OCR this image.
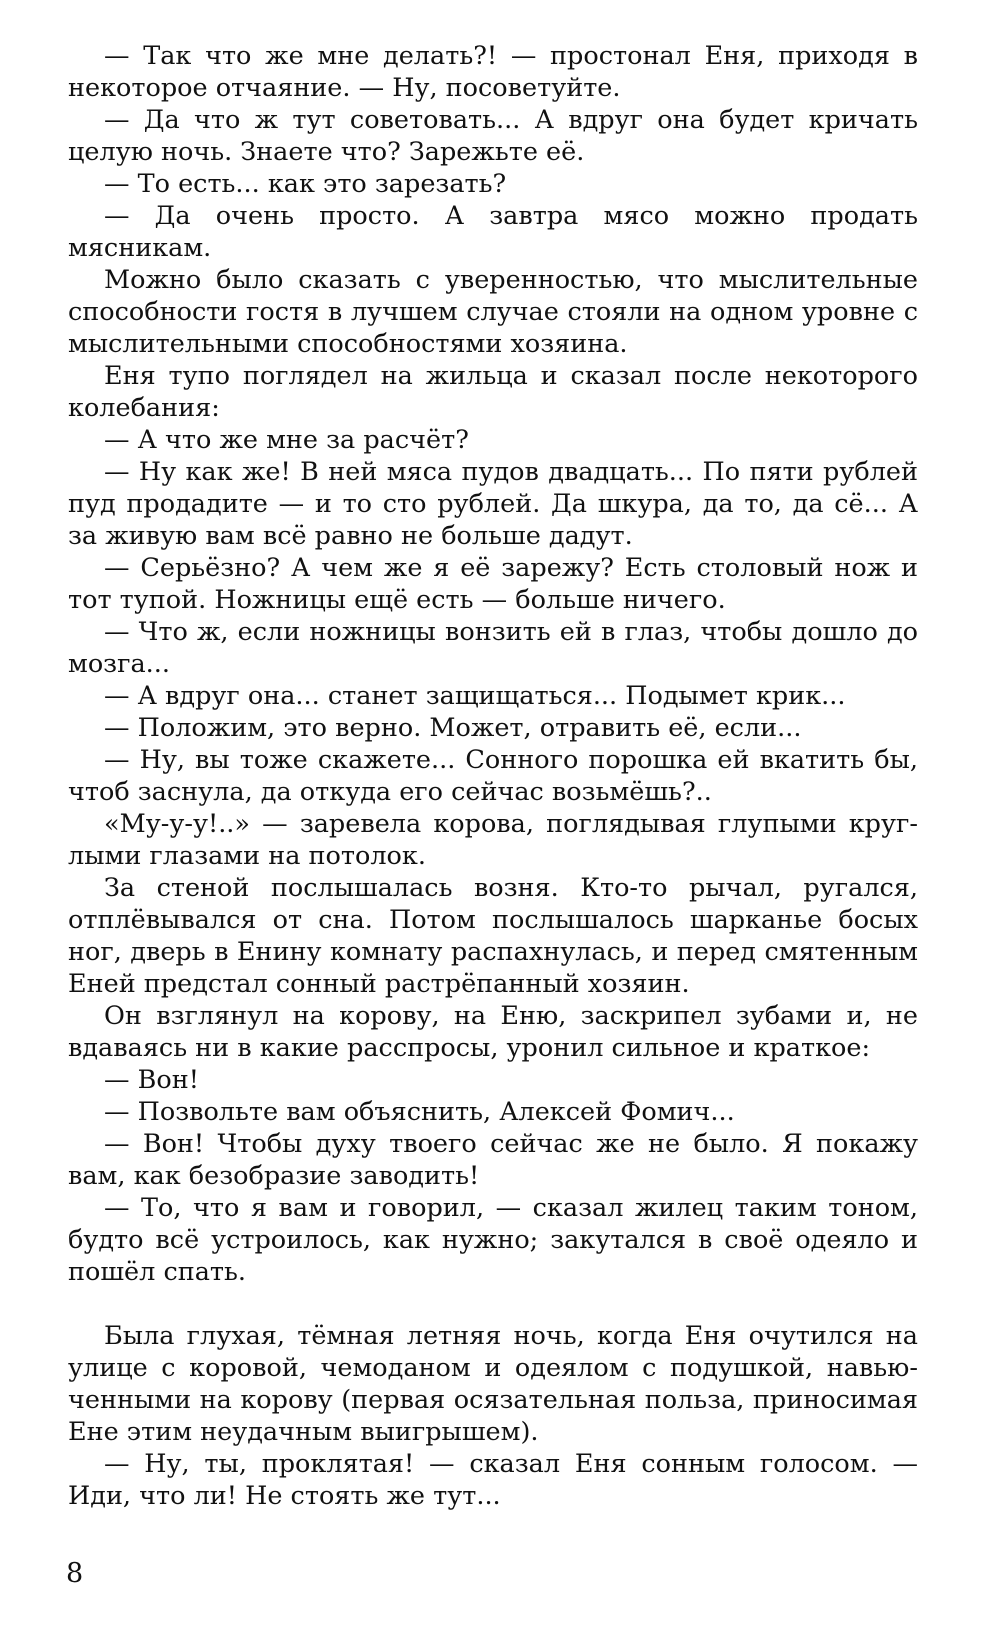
— Так что же мне делать?! — простонал Еня, приходя в некоторое отчаяние. — Ну, посоветуйте.

— Да что ж тут советовать... А вдруг она будет кричать целую ночь. Знаете что? Зарежьте её.

— То есть... как это зарезать?

— Да очень просто. А завтра мясо можно продать мясникам.

Можно было сказать с уверенностью, что мыслительные способности гостя в лучшем случае стояли на одном уровне с мыслительными способностями хозяина.

Еня тупо поглядел на жильца и сказал после некоторого колебания:

— А что же мне за расчёт?

— Ну как же! В ней мяса пудов двадцать... По пяти рублей пуд продадите — и то сто рублей. Да шкура, да то, да сё... А за живую вам всё равно не больше дадут.

— Серьёзно? А чем же я её зарежу? Есть столовый нож и тот тупой. Ножницы ещё есть — больше ничего.

— Что ж, если ножницы вонзить ей в глаз, чтобы дошло до мозга...

— А вдруг она... станет защищаться... Подымет крик...

— Положим, это верно. Может, отравить её, если...

— Ну, вы тоже скажете... Сонного порошка ей вкатить бы, чтоб заснула, да откуда его сейчас возьмёшь?..

«Му-у-у!..» — заревела корова, поглядывая глупыми круглыми глазами на потолок.

За стеной послышалась возня. Кто-то рычал, ругался, отплёвывался от сна. Потом послышалось шарканье босых ног, дверь в Енину комнату распахнулась, и перед смятенным Еней предстал сонный растрёпанный хозяин.

Он взглянул на корову, на Еню, заскрипел зубами и, не вдаваясь ни в какие расспросы, уронил сильное и краткое:

— Вон!

— Позвольте вам объяснить, Алексей Фомич...

— Вон! Чтобы духу твоего сейчас же не было. Я покажу вам, как безобразие заводить!

— То, что я вам и говорил, — сказал жилец таким тоном, будто всё устроилось, как нужно; закутался в своё одеяло и пошёл спать.

Была глухая, тёмная летняя ночь, когда Еня очутился на улице с коровой, чемоданом и одеялом с подушкой, навьюченными на корову (первая осязательная польза, приносимая Ене этим неудачным выигрышем).

— Ну, ты, проклятая! — сказал Еня сонным голосом. — Иди, что ли! Не стоять же тут...

8
